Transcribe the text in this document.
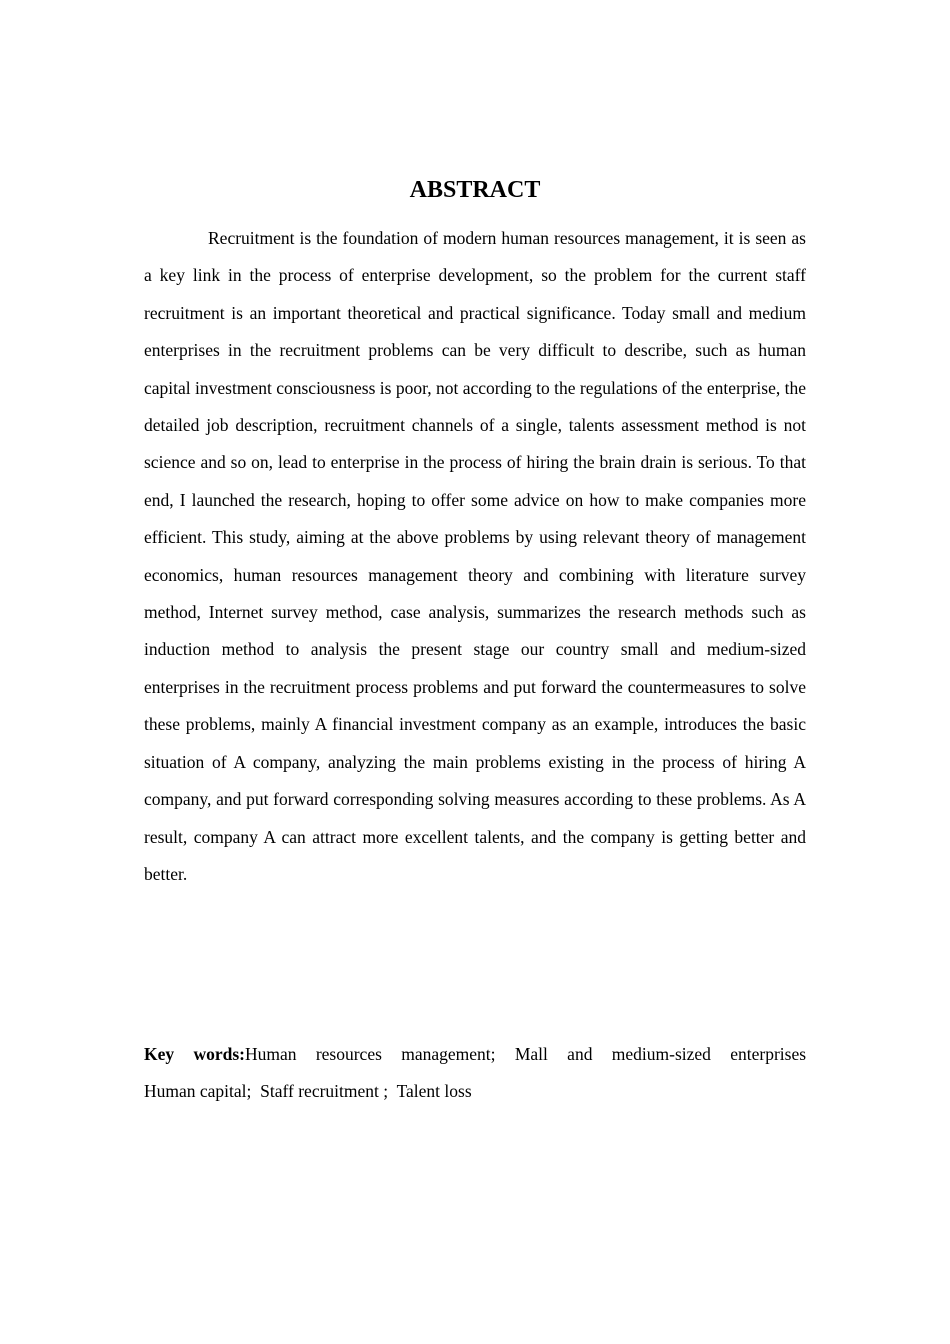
ABSTRACT

Recruitment is the foundation of modern human resources management, it is seen as a key link in the process of enterprise development, so the problem for the current staff recruitment is an important theoretical and practical significance. Today small and medium enterprises in the recruitment problems can be very difficult to describe, such as human capital investment consciousness is poor, not according to the regulations of the enterprise, the detailed job description, recruitment channels of a single, talents assessment method is not science and so on, lead to enterprise in the process of hiring the brain drain is serious. To that end, I launched the research, hoping to offer some advice on how to make companies more efficient. This study, aiming at the above problems by using relevant theory of management economics, human resources management theory and combining with literature survey method, Internet survey method, case analysis, summarizes the research methods such as induction method to analysis the present stage our country small and medium-sized enterprises in the recruitment process problems and put forward the countermeasures to solve these problems, mainly A financial investment company as an example, introduces the basic situation of A company, analyzing the main problems existing in the process of hiring A company, and put forward corresponding solving measures according to these problems. As A result, company A can attract more excellent talents, and the company is getting better and better.

Key words:Human resources management; Mall and medium-sized enterprises
Human capital; Staff recruitment ; Talent loss
